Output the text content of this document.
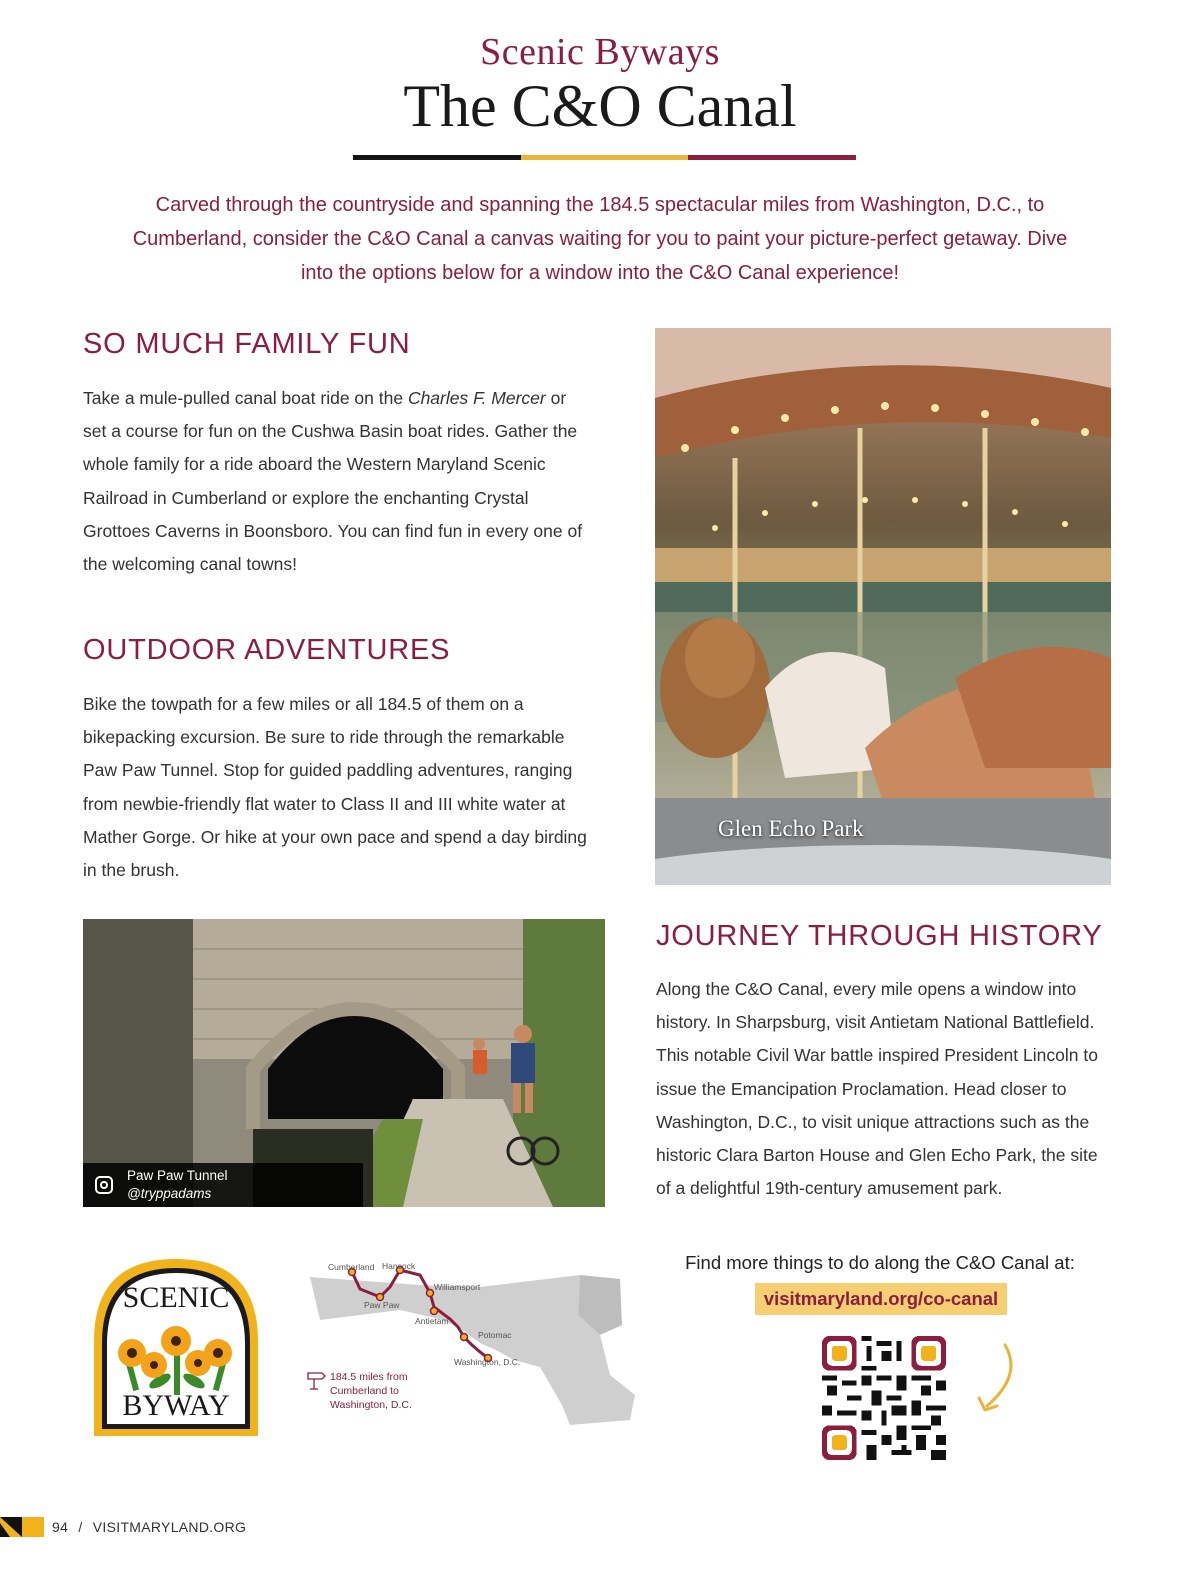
Scenic Byways
The C&O Canal

Carved through the countryside and spanning the 184.5 spectacular miles from Washington, D.C., to Cumberland, consider the C&O Canal a canvas waiting for you to paint your picture-perfect getaway. Dive into the options below for a window into the C&O Canal experience!

SO MUCH FAMILY FUN

Take a mule-pulled canal boat ride on the Charles F. Mercer or set a course for fun on the Cushwa Basin boat rides. Gather the whole family for a ride aboard the Western Maryland Scenic Railroad in Cumberland or explore the enchanting Crystal Grottoes Caverns in Boonsboro. You can find fun in every one of the welcoming canal towns!

OUTDOOR ADVENTURES

Bike the towpath for a few miles or all 184.5 of them on a bikepacking excursion. Be sure to ride through the remarkable Paw Paw Tunnel. Stop for guided paddling adventures, ranging from newbie-friendly flat water to Class II and III white water at Mather Gorge. Or hike at your own pace and spend a day birding in the brush.

Glen Echo Park
Paw Paw Tunnel
@tryppadams
JOURNEY THROUGH HISTORY

Along the C&O Canal, every mile opens a window into history. In Sharpsburg, visit Antietam National Battlefield. This notable Civil War battle inspired President Lincoln to issue the Emancipation Proclamation. Head closer to Washington, D.C., to visit unique attractions such as the historic Clara Barton House and Glen Echo Park, the site of a delightful 19th-century amusement park.

SCENIC
BYWAY
Cumberland Hancock
Williamsport
Paw Paw
Antietam
Potomac
Washington, D.C.
184.5 miles from
Cumberland to
Washington, D.C.
Find more things to do along the C&O Canal at:
visitmaryland.org/co-canal
94 / VISITMARYLAND.ORG
